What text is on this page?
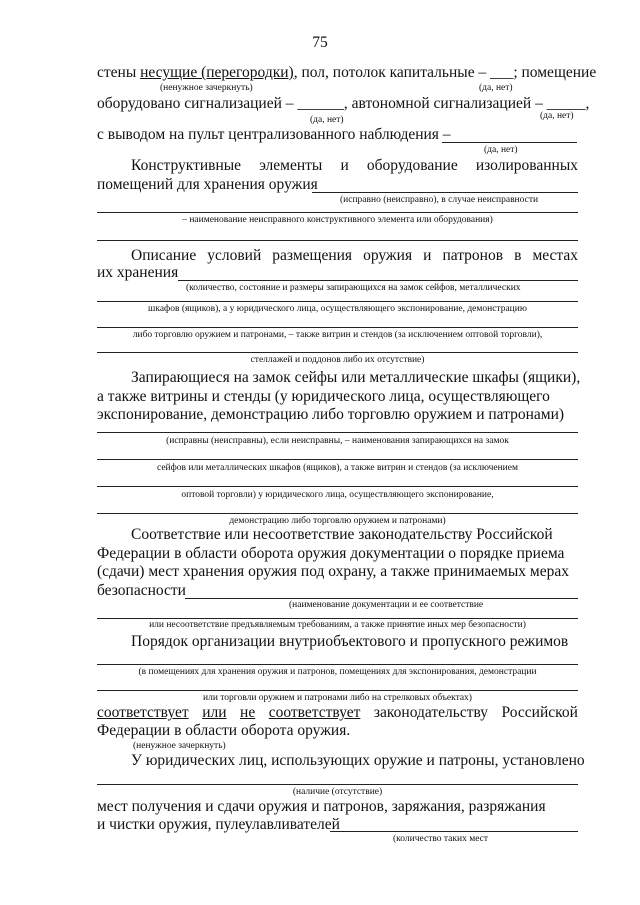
75
стены несущие (перегородки), пол, потолок капитальные – ___; помещение
(ненужное зачеркнуть)	(да, нет)
оборудовано сигнализацией – ______, автономной сигнализацией – _____,
(да, нет)	(да, нет)
с выводом на пульт централизованного наблюдения –
(да, нет)
Конструктивные элементы и оборудование изолированных
помещений для хранения оружия
(исправно (неисправно), в случае неисправности
– наименование неисправного конструктивного элемента или оборудования)
Описание условий размещения оружия и патронов в местах
их хранения
(количество, состояние и размеры запирающихся на замок сейфов, металлических
шкафов (ящиков), а у юридического лица, осуществляющего экспонирование, демонстрацию
либо торговлю оружием и патронами, – также витрин и стендов (за исключением оптовой торговли),
стеллажей и поддонов либо их отсутствие)
Запирающиеся на замок сейфы или металлические шкафы (ящики),
а также витрины и стенды (у юридического лица, осуществляющего
экспонирование, демонстрацию либо торговлю оружием и патронами)
(исправны (неисправны), если неисправны, – наименования запирающихся на замок
сейфов или металлических шкафов (ящиков), а также витрин и стендов (за исключением
оптовой торговли) у юридического лица, осуществляющего экспонирование,
демонстрацию либо торговлю оружием и патронами)
Соответствие или несоответствие законодательству Российской
Федерации в области оборота оружия документации о порядке приема
(сдачи) мест хранения оружия под охрану, а также принимаемых мерах
безопасности
(наименование документации и ее соответствие
или несоответствие предъявляемым требованиям, а также принятие иных мер безопасности)
Порядок организации внутриобъектового и пропускного режимов
(в помещениях для хранения оружия и патронов, помещениях для экспонирования, демонстрации
или торговли оружием и патронами либо на стрелковых объектах)
соответствует или не соответствует законодательству Российской
Федерации в области оборота оружия.
(ненужное зачеркнуть)
У юридических лиц, использующих оружие и патроны, установлено
(наличие (отсутствие)
мест получения и сдачи оружия и патронов, заряжания, разряжания
и чистки оружия, пулеулавливателей
(количество таких мест
